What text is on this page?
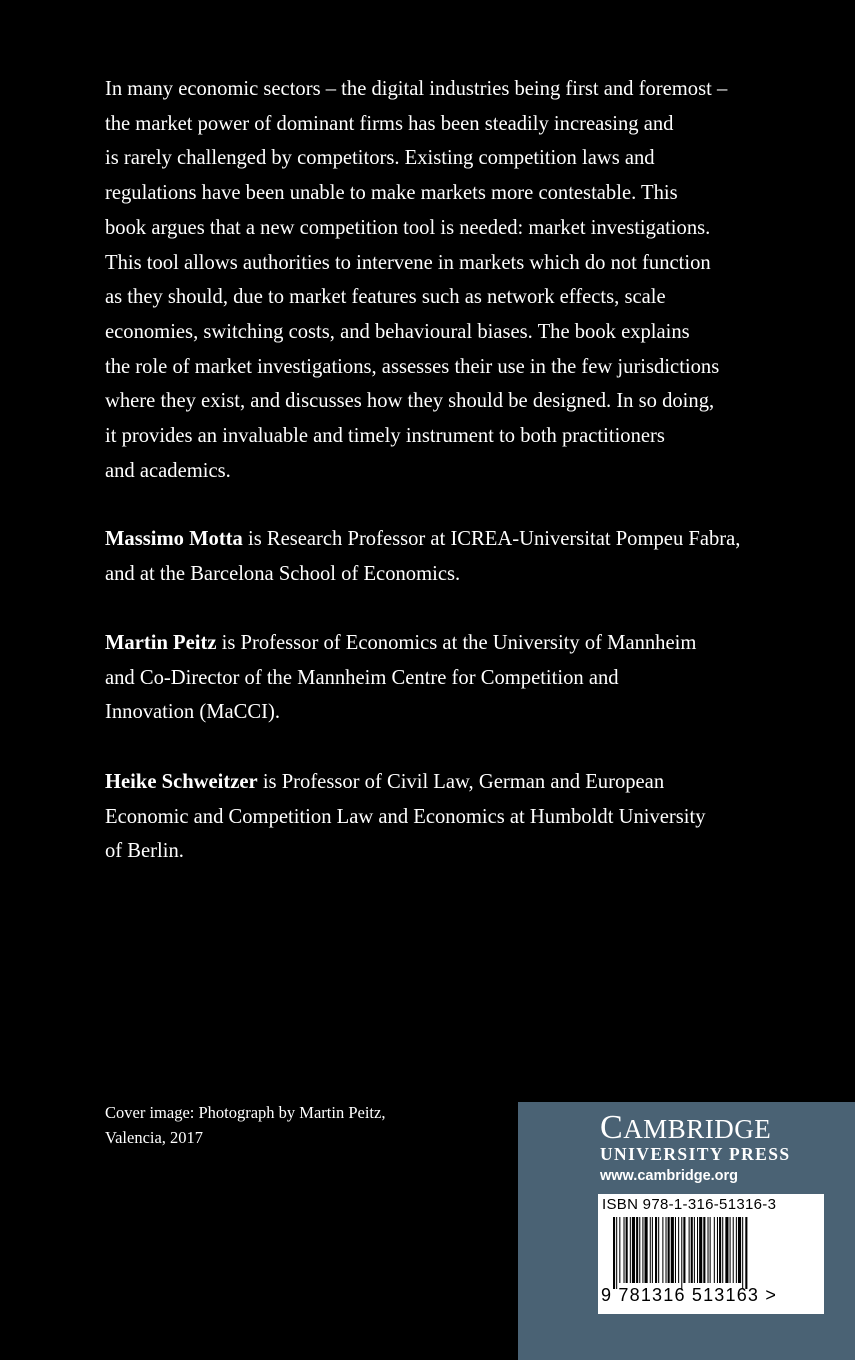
In many economic sectors – the digital industries being first and foremost –
the market power of dominant firms has been steadily increasing and
is rarely challenged by competitors. Existing competition laws and
regulations have been unable to make markets more contestable. This
book argues that a new competition tool is needed: market investigations.
This tool allows authorities to intervene in markets which do not function
as they should, due to market features such as network effects, scale
economies, switching costs, and behavioural biases. The book explains
the role of market investigations, assesses their use in the few jurisdictions
where they exist, and discusses how they should be designed. In so doing,
it provides an invaluable and timely instrument to both practitioners
and academics.
Massimo Motta is Research Professor at ICREA-Universitat Pompeu Fabra,
and at the Barcelona School of Economics.
Martin Peitz is Professor of Economics at the University of Mannheim
and Co-Director of the Mannheim Centre for Competition and
Innovation (MaCCI).
Heike Schweitzer is Professor of Civil Law, German and European
Economic and Competition Law and Economics at Humboldt University
of Berlin.
Cover image: Photograph by Martin Peitz,
Valencia, 2017	CAMBRIDGE
UNIVERSITY PRESS
www.cambridge.org
ISBN 978-1-316-51316-3
9 781316 513163 >
